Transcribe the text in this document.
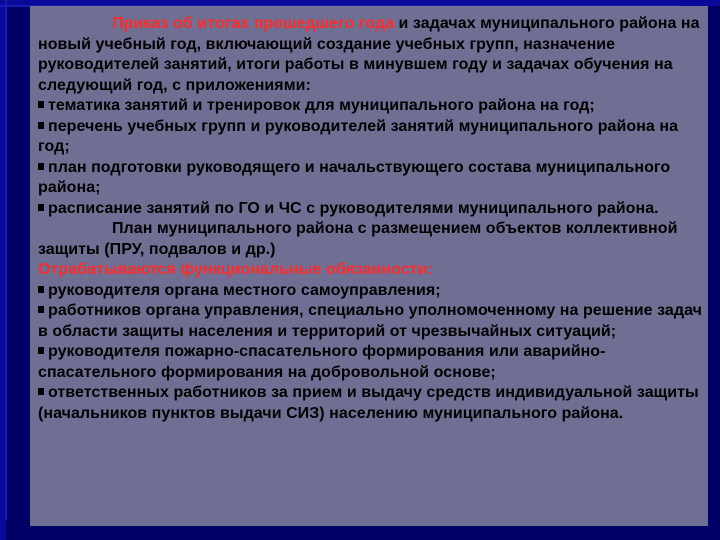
Приказ об итогах прошедшего года и задачах муниципального района на новый учебный год, включающий создание учебных групп, назначение руководителей занятий, итоги работы в минувшем году и задачах обучения на следующий год, с приложениями:

тематика занятий и тренировок для муниципального района на год;

перечень учебных групп и руководителей занятий муниципального района на год;

план подготовки руководящего и начальствующего состава муниципального района;

расписание занятий по ГО и ЧС с руководителями муниципального района.

План муниципального района с размещением объектов коллективной защиты (ПРУ, подвалов и др.)

Отрабатываются функциональные обязанности:

руководителя органа местного самоуправления;

работников органа управления, специально уполномоченному на решение задач в области защиты населения и территорий от чрезвычайных ситуаций;

руководителя пожарно-спасательного формирования или аварийно-спасательного формирования на добровольной основе;

ответственных работников за прием и выдачу средств индивидуальной защиты (начальников пунктов выдачи СИЗ) населению муниципального района.
